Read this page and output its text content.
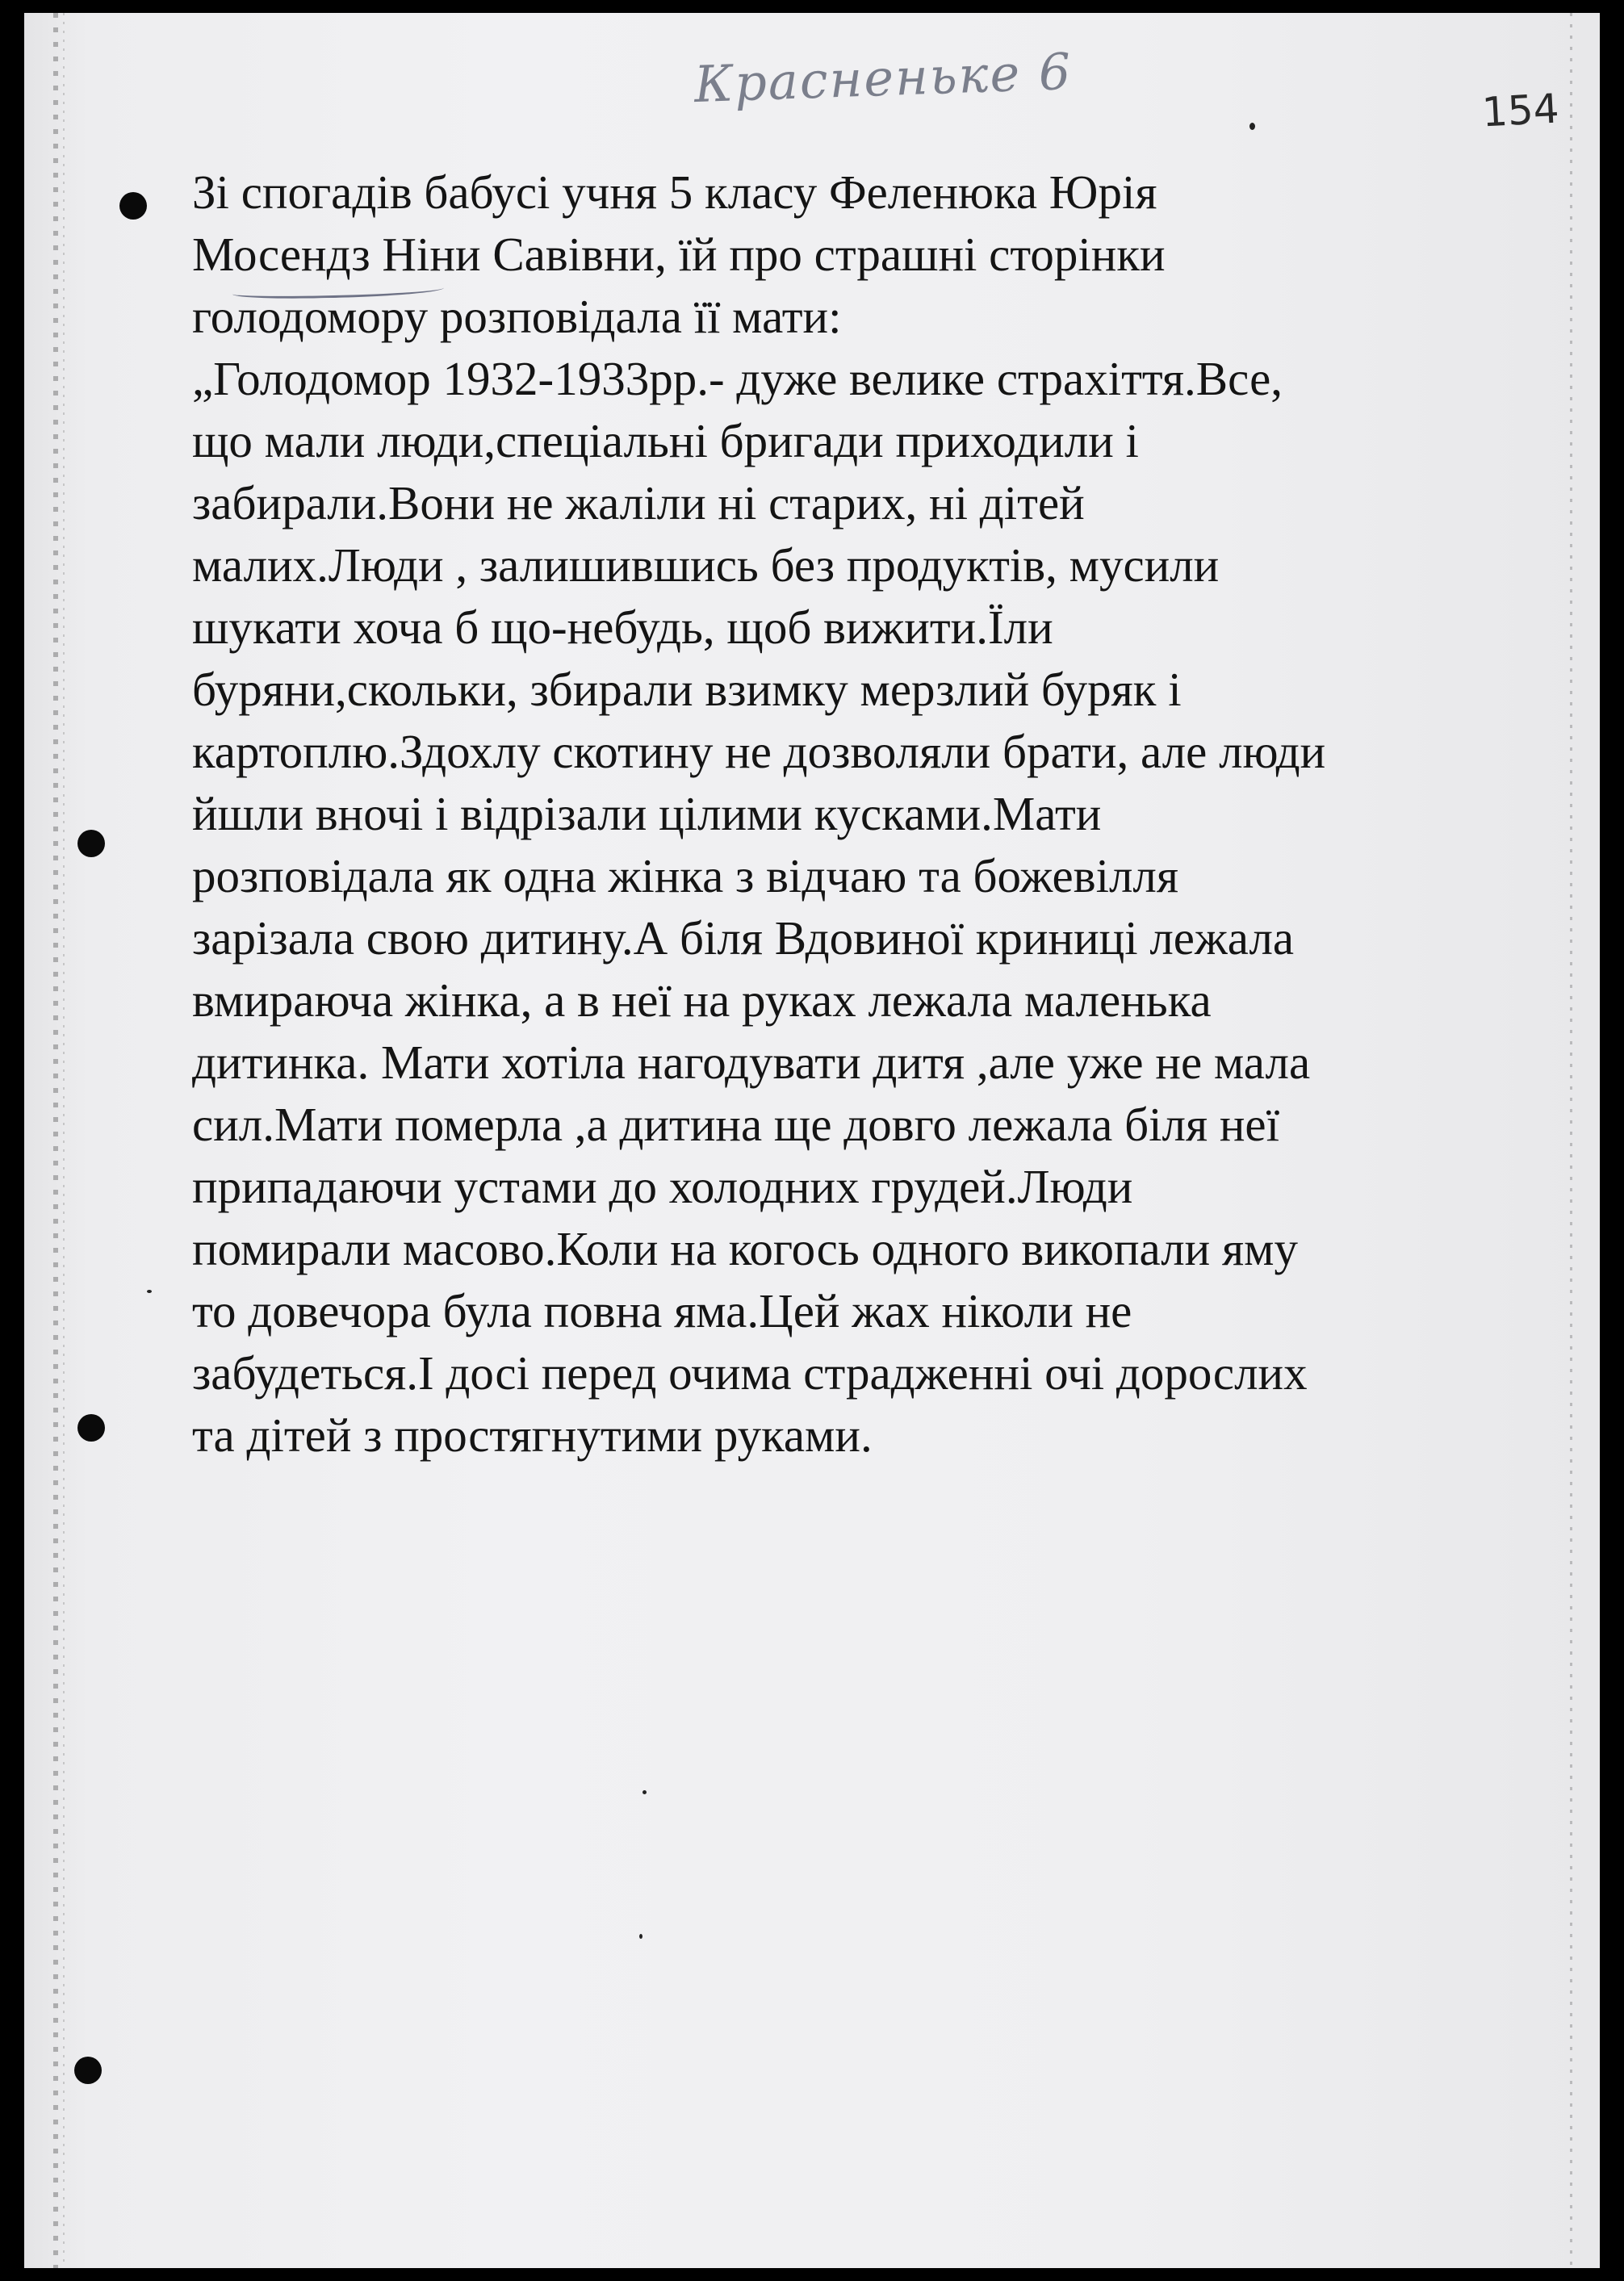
Красненьке 6	154
Зі спогадів бабусі учня 5 класу Феленюка Юрія
Мосендз Ніни Савівни, їй про страшні сторінки
голодомору розповідала її мати:
„Голодомор 1932-1933рр.- дуже велике страхіття.Все,
що мали люди,спеціальні бригади приходили і
забирали.Вони не жаліли ні старих, ні дітей
малих.Люди , залишившись без продуктів, мусили
шукати хоча б що-небудь, щоб вижити.Їли
буряни,скольки, збирали взимку мерзлий буряк і
картоплю.Здохлу скотину не дозволяли брати, але люди
йшли вночі і відрізали цілими кусками.Мати
розповідала як одна жінка з відчаю та божевілля
зарізала свою дитину.А біля Вдовиної криниці лежала
вмираюча жінка, а в неї на руках лежала маленька
дитинка. Мати хотіла нагодувати дитя ,але уже не мала
сил.Мати померла ,а дитина ще довго лежала біля неї
припадаючи устами до холодних грудей.Люди
помирали масово.Коли на когось одного викопали яму
то довечора була повна яма.Цей жах ніколи не
забудеться.І досі перед очима страдженні очі дорослих
та дітей з простягнутими руками.
